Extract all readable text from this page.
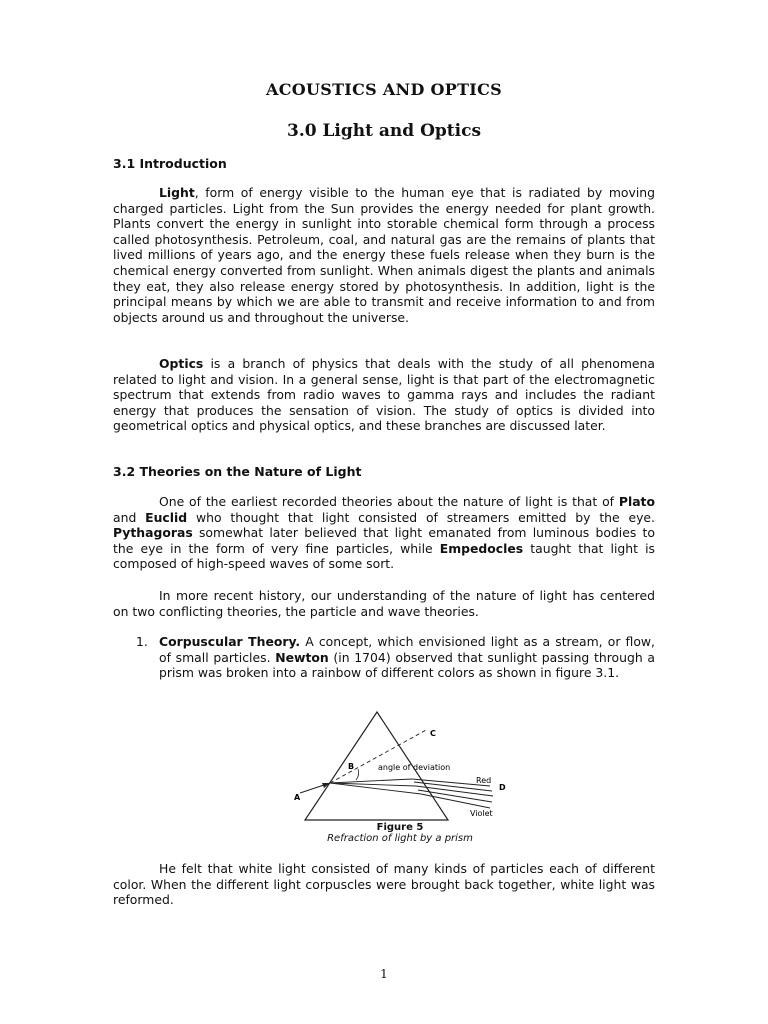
ACOUSTICS AND OPTICS
3.0 Light and Optics
3.1 Introduction

Light, form of energy visible to the human eye that is radiated by moving charged particles. Light from the Sun provides the energy needed for plant growth. Plants convert the energy in sunlight into storable chemical form through a process called photosynthesis. Petroleum, coal, and natural gas are the remains of plants that lived millions of years ago, and the energy these fuels release when they burn is the chemical energy converted from sunlight. When animals digest the plants and animals they eat, they also release energy stored by photosynthesis. In addition, light is the principal means by which we are able to transmit and receive information to and from objects around us and throughout the universe.

Optics is a branch of physics that deals with the study of all phenomena related to light and vision. In a general sense, light is that part of the electromagnetic spectrum that extends from radio waves to gamma rays and includes the radiant energy that produces the sensation of vision. The study of optics is divided into geometrical optics and physical optics, and these branches are discussed later.

3.2 Theories on the Nature of Light

One of the earliest recorded theories about the nature of light is that of Plato and Euclid who thought that light consisted of streamers emitted by the eye. Pythagoras somewhat later believed that light emanated from luminous bodies to the eye in the form of very fine particles, while Empedocles taught that light is composed of high-speed waves of some sort.

In more recent history, our understanding of the nature of light has centered on two conflicting theories, the particle and wave theories.

1. Corpuscular Theory. A concept, which envisioned light as a stream, or flow, of small particles. Newton (in 1704) observed that sunlight passing through a prism was broken into a rainbow of different colors as shown in figure 3.1.

A
B
C
D
angle of deviation
Red
Violet

Figure 5

Refraction of light by a prism

He felt that white light consisted of many kinds of particles each of different color. When the different light corpuscles were brought back together, white light was reformed.

1
